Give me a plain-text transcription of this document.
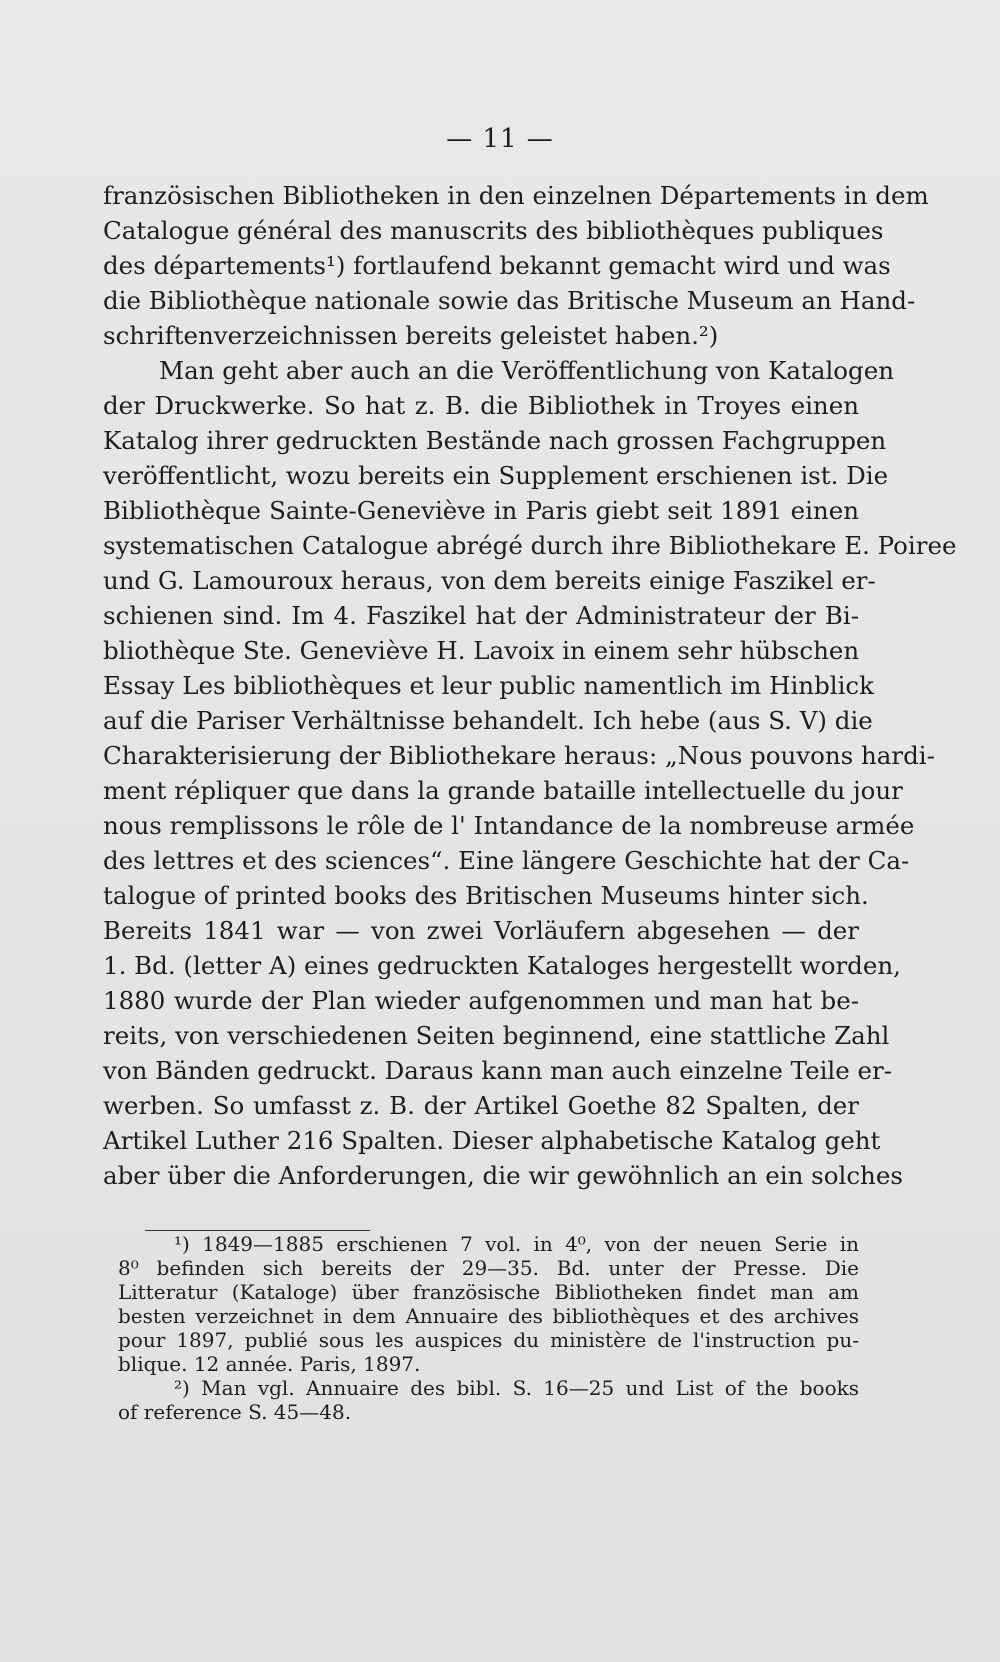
— 11 —
französischen Bibliotheken in den einzelnen Départements in dem
Catalogue général des manuscrits des bibliothèques publiques
des départements¹) fortlaufend bekannt gemacht wird und was
die Bibliothèque nationale sowie das Britische Museum an Hand-
schriftenverzeichnissen bereits geleistet haben.²)
Man geht aber auch an die Veröffentlichung von Katalogen
der Druckwerke. So hat z. B. die Bibliothek in Troyes einen
Katalog ihrer gedruckten Bestände nach grossen Fachgruppen
veröffentlicht, wozu bereits ein Supplement erschienen ist. Die
Bibliothèque Sainte-Geneviève in Paris giebt seit 1891 einen
systematischen Catalogue abrégé durch ihre Bibliothekare E. Poiree
und G. Lamouroux heraus, von dem bereits einige Faszikel er-
schienen sind. Im 4. Faszikel hat der Administrateur der Bi-
bliothèque Ste. Geneviève H. Lavoix in einem sehr hübschen
Essay Les bibliothèques et leur public namentlich im Hinblick
auf die Pariser Verhältnisse behandelt. Ich hebe (aus S. V) die
Charakterisierung der Bibliothekare heraus: „Nous pouvons hardi-
ment répliquer que dans la grande bataille intellectuelle du jour
nous remplissons le rôle de l' Intandance de la nombreuse armée
des lettres et des sciences“. Eine längere Geschichte hat der Ca-
talogue of printed books des Britischen Museums hinter sich.
Bereits 1841 war — von zwei Vorläufern abgesehen — der
1. Bd. (letter A) eines gedruckten Kataloges hergestellt worden,
1880 wurde der Plan wieder aufgenommen und man hat be-
reits, von verschiedenen Seiten beginnend, eine stattliche Zahl
von Bänden gedruckt. Daraus kann man auch einzelne Teile er-
werben. So umfasst z. B. der Artikel Goethe 82 Spalten, der
Artikel Luther 216 Spalten. Dieser alphabetische Katalog geht
aber über die Anforderungen, die wir gewöhnlich an ein solches
¹) 1849—1885 erschienen 7 vol. in 4⁰, von der neuen Serie in
8⁰ befinden sich bereits der 29—35. Bd. unter der Presse. Die
Litteratur (Kataloge) über französische Bibliotheken findet man am
besten verzeichnet in dem Annuaire des bibliothèques et des archives
pour 1897, publié sous les auspices du ministère de l'instruction pu-
blique. 12 année. Paris, 1897.
²) Man vgl. Annuaire des bibl. S. 16—25 und List of the books
of reference S. 45—48.
